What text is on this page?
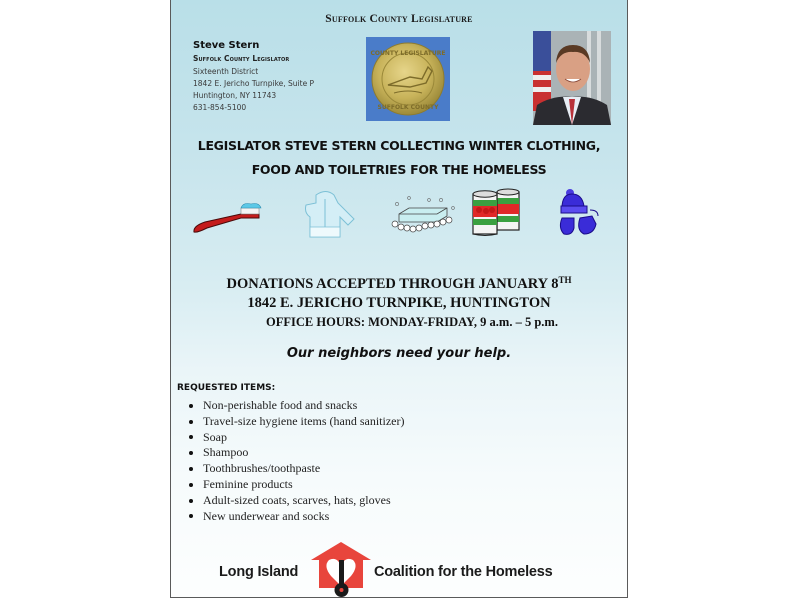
Suffolk County Legislature
Steve Stern
Suffolk County Legislator
Sixteenth District
1842 E. Jericho Turnpike, Suite P
Huntington, NY 11743
631-854-5100
COUNTY LEGISLATURE
SUFFOLK COUNTY
LEGISLATOR STEVE STERN COLLECTING WINTER CLOTHING,
FOOD AND TOILETRIES FOR THE HOMELESS
DONATIONS ACCEPTED THROUGH JANUARY 8TH
1842 E. JERICHO TURNPIKE, HUNTINGTON
OFFICE HOURS: MONDAY-FRIDAY, 9 a.m. – 5 p.m.
Our neighbors need your help.
REQUESTED ITEMS:
Non-perishable food and snacks
Travel-size hygiene items (hand sanitizer)
Soap
Shampoo
Toothbrushes/toothpaste
Feminine products
Adult-sized coats, scarves, hats, gloves
New underwear and socks
Long Island	Coalition for the Homeless
